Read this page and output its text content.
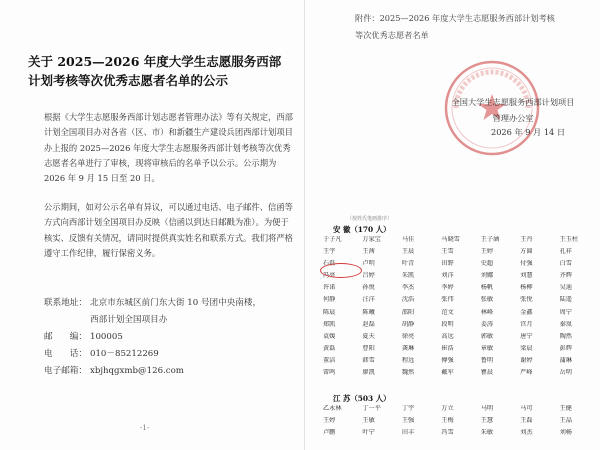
关于 2025—2026 年度大学生志愿服务西部计划考核等次优秀志愿者名单的公示
根据《大学生志愿服务西部计划志愿者管理办法》等有关规定，西部计划全国项目办对各省（区、市）和新疆生产建设兵团西部计划项目办上报的 2025—2026 年度大学生志愿服务西部计划考核等次优秀志愿者名单进行了审核，现将审核后的名单予以公示。公示期为 2026 年 9 月 15 日至 20 日。
公示期间，如对公示名单有异议，可以通过电话、电子邮件、信函等方式向西部计划全国项目办反映（信函以到达日邮戳为准）。为便于核实、反馈有关情况，请同时提供真实姓名和联系方式。我们将严格遵守工作纪律，履行保密义务。
联系地址： 北京市东城区前门东大街 10 号团中央南楼，
西部计划全国项目办
邮　　编： 100005
电　　话： 010－85212269
电子邮箱： xbjhqgxmb@126.com
-1-
附件：2025—2026 年度大学生志愿服务西部计划考核等次优秀志愿者名单
全国大学生志愿服务西部计划项目管理办公室
2026 年 9 月 14 日
（按姓氏笔画排序）
安 徽（170 人）
于子凡	万家宝	马佳	马晓雪	王子涵	王丹	王玉柱
王宇	王茜	王晨	王雪	王婷	方圆	孔祥
石磊	卢明	叶青	田野	史超	付强	白雪
冯亮	吕婷	朱凯	刘洋	刘娜	刘慧	齐辉
许诺	孙悦	李杰	李婷	杨帆	杨柳	吴迪
何静	汪洋	沈浩	张伟	张敏	张悦	陆遥
陈晨	陈曦	邵阳	范文	林峰	金鑫	周宁
郑凯	赵磊	胡静	段明	姜涛	宫月	秦岚
袁媛	夏天	徐亮	高远	郭敏	唐宁	陶然
黄磊	曹阳	龚琳	崔浩	章敏	梁晨	彭辉
董洁	韩雪	程远	傅强	鲁明	谢婷	蒲琳
雷鸣	廖凯	魏然	戴军	瞿晨	严峰	岳明
江 苏（503 人）
乙永林	丁一平	丁宇	万立	马明	马可	王健
王婷	王敏	王强	王梅	王慧	王磊	王晶
卢鹏	叶宁	田丰	冯雪	朱敏	刘杰	刘畅
